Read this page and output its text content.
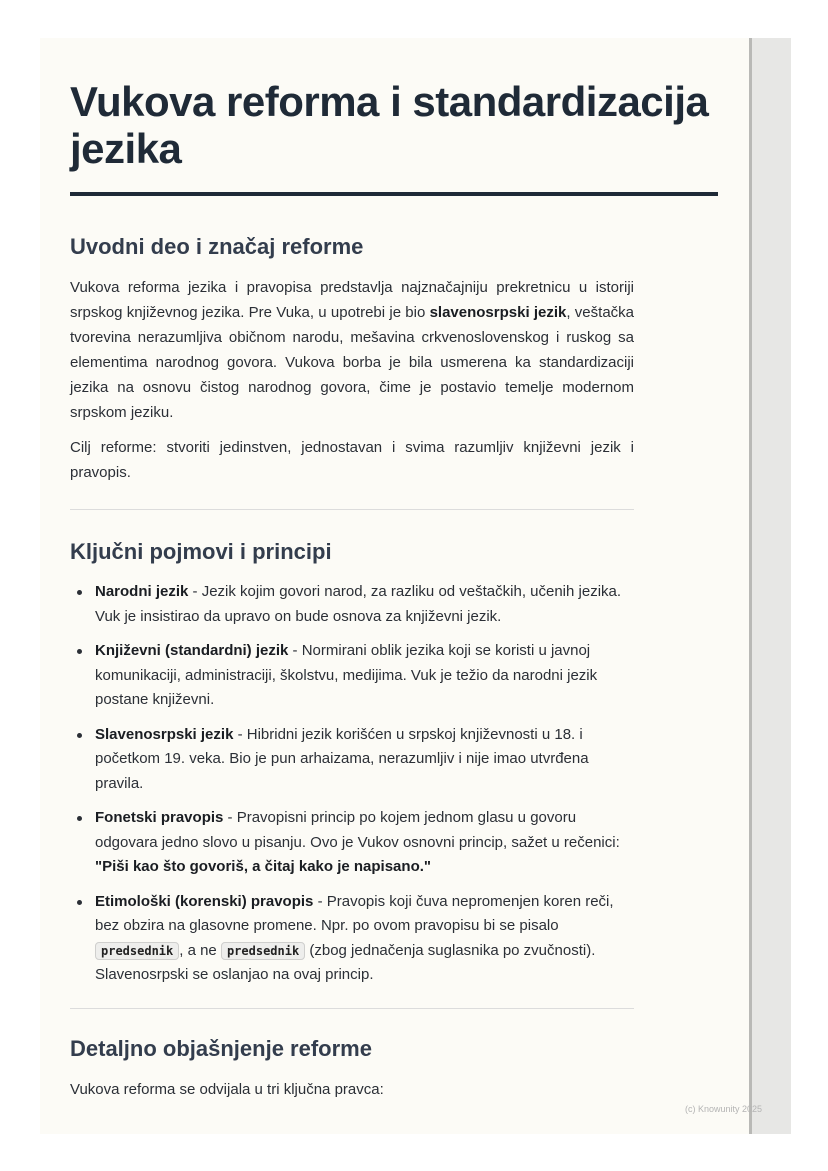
Vukova reforma i standardizacija jezika
Uvodni deo i značaj reforme

Vukova reforma jezika i pravopisa predstavlja najznačajniju prekretnicu u istoriji srpskog književnog jezika. Pre Vuka, u upotrebi je bio slavenosrpski jezik, veštačka tvorevina nerazumljiva običnom narodu, mešavina crkvenoslovenskog i ruskog sa elementima narodnog govora. Vukova borba je bila usmerena ka standardizaciji jezika na osnovu čistog narodnog govora, čime je postavio temelje modernom srpskom jeziku.

Cilj reforme: stvoriti jedinstven, jednostavan i svima razumljiv književni jezik i pravopis.

Ključni pojmovi i principi
Narodni jezik - Jezik kojim govori narod, za razliku od veštačkih, učenih jezika. Vuk je insistirao da upravo on bude osnova za književni jezik.
Književni (standardni) jezik - Normirani oblik jezika koji se koristi u javnoj komunikaciji, administraciji, školstvu, medijima. Vuk je težio da narodni jezik postane književni.
Slavenosrpski jezik - Hibridni jezik korišćen u srpskoj književnosti u 18. i početkom 19. veka. Bio je pun arhaizama, nerazumljiv i nije imao utvrđena pravila.
Fonetski pravopis - Pravopisni princip po kojem jednom glasu u govoru odgovara jedno slovo u pisanju. Ovo je Vukov osnovni princip, sažet u rečenici: "Piši kao što govoriš, a čitaj kako je napisano."
Etimološki (korenski) pravopis - Pravopis koji čuva nepromenjen koren reči, bez obzira na glasovne promene. Npr. po ovom pravopisu bi se pisalo predsednik , a ne predsednik (zbog jednačenja suglasnika po zvučnosti). Slavenosrpski se oslanjao na ovaj princip.
Detaljno objašnjenje reforme

Vukova reforma se odvijala u tri ključna pravca:

(c) Knowunity 2025
